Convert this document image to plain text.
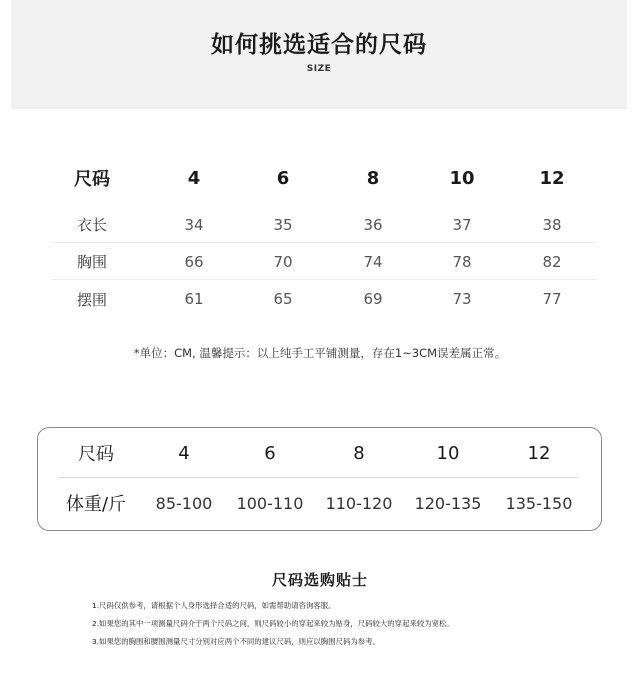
如何挑选适合的尺码
SIZE
尺码	4	6	8	10	12
衣长	34	35	36	37	38
胸围	66	70	74	78	82
摆围	61	65	69	73	77
*单位：CM, 温馨提示：以上纯手工平铺测量，存在1~3CM误差属正常。
尺码	4	6	8	10	12
体重/斤	85-100	100-110	110-120	120-135	135-150
尺码选购贴士
1.尺码仅供参考，请根据个人身形选择合适的尺码，如需帮助请咨询客服。
2.如果您的其中一项测量尺码介于两个尺码之间，则尺码较小的穿起来较为贴身，尺码较大的穿起来较为宽松。
3.如果您的胸围和腰围测量尺寸分别对应两个不同的建议尺码，则应以胸围尺码为参考。
